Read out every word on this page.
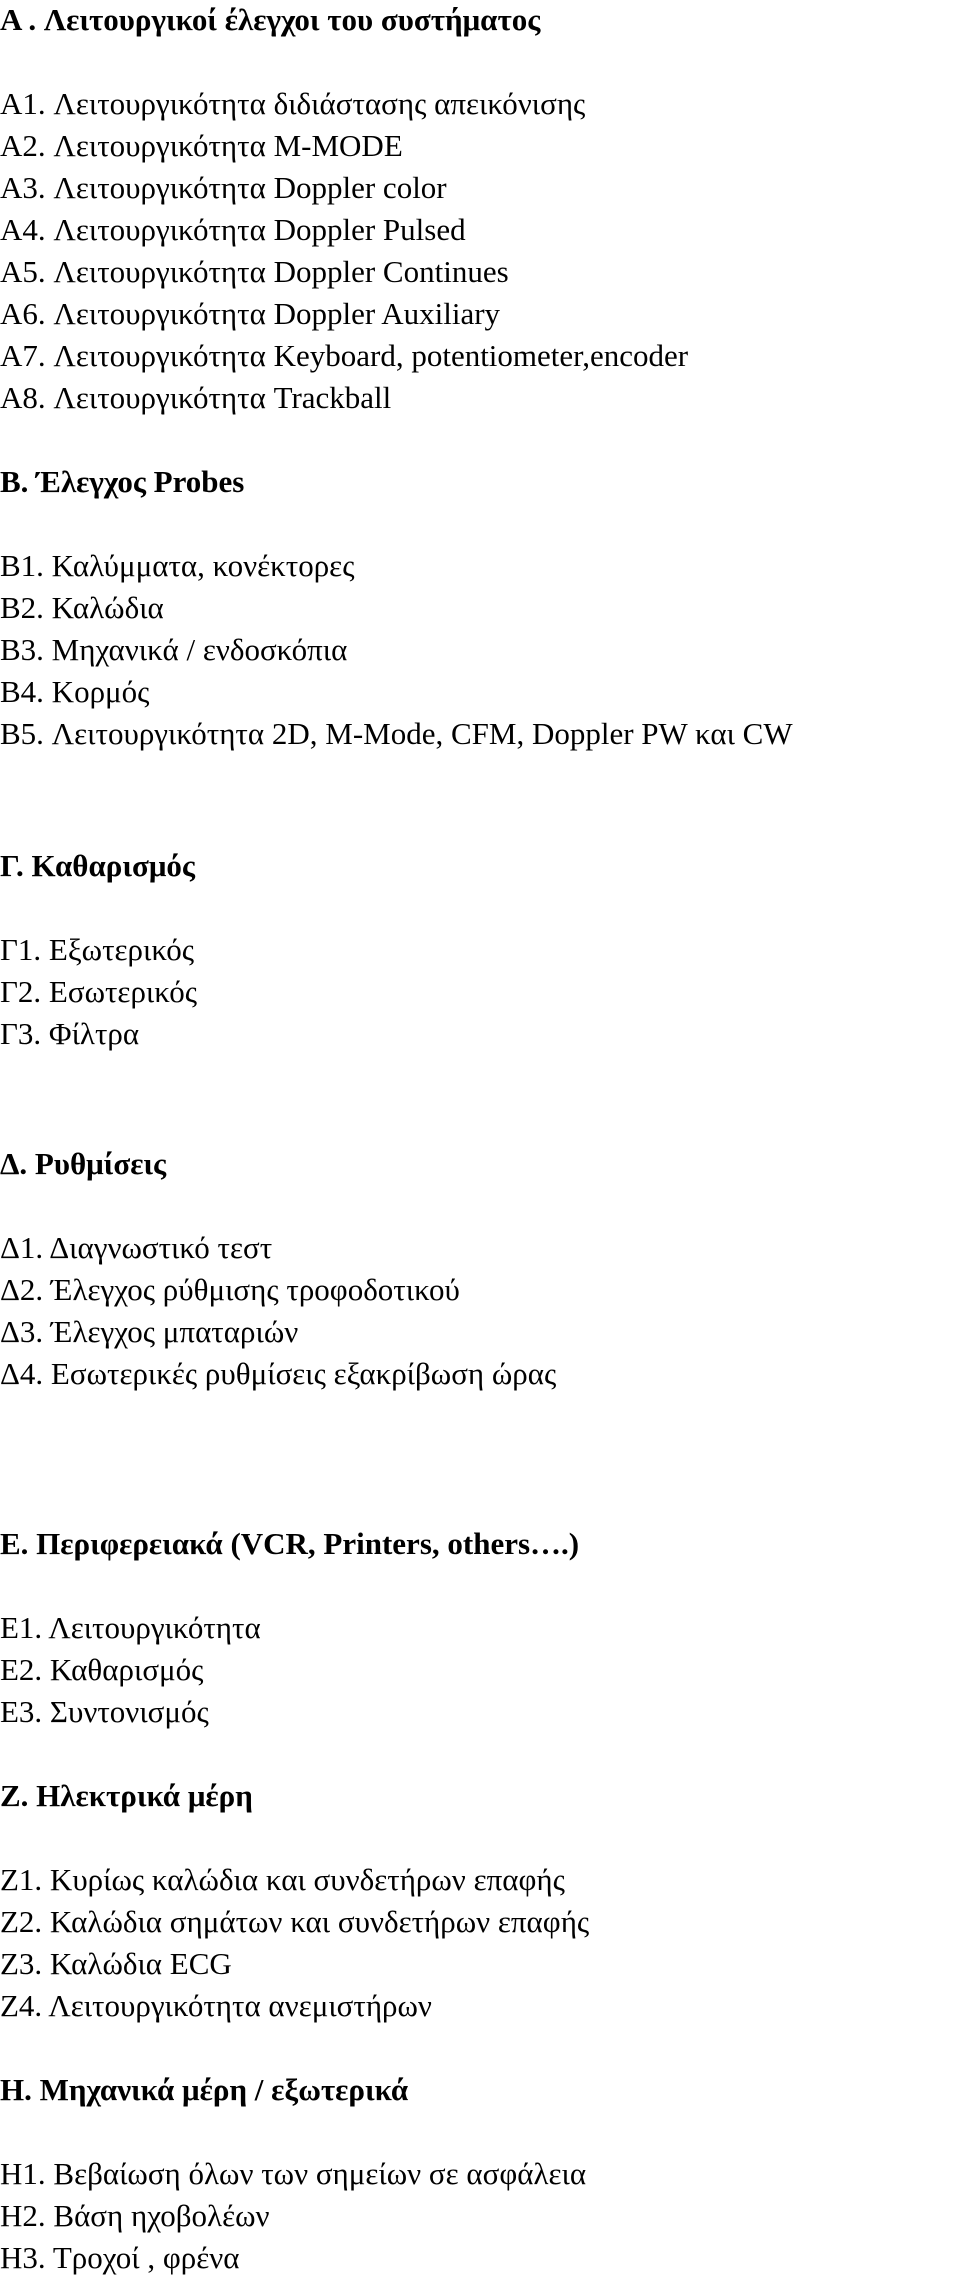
A . Λειτουργικοί έλεγχοι του συστήματος
A1. Λειτουργικότητα διδιάστασης απεικόνισης
A2. Λειτουργικότητα M-MODE
A3. Λειτουργικότητα Doppler color
A4. Λειτουργικότητα Doppler Pulsed
A5. Λειτουργικότητα Doppler Continues
A6. Λειτουργικότητα Doppler Auxiliary
A7. Λειτουργικότητα Keyboard, potentiometer,encoder
A8. Λειτουργικότητα Trackball
B. Έλεγχος Probes
B1. Καλύμματα, κονέκτορες
B2. Καλώδια
B3. Μηχανικά / ενδοσκόπια
B4. Κορμός
B5. Λειτουργικότητα 2D, M-Mode, CFM, Doppler PW και CW
Γ. Καθαρισμός
Γ1. Εξωτερικός
Γ2. Εσωτερικός
Γ3. Φίλτρα
Δ. Ρυθμίσεις
Δ1. Διαγνωστικό τεστ
Δ2. Έλεγχος ρύθμισης τροφοδοτικού
Δ3. Έλεγχος μπαταριών
Δ4. Εσωτερικές ρυθμίσεις εξακρίβωση ώρας
Ε. Περιφερειακά (VCR, Printers, others….)
Ε1. Λειτουργικότητα
Ε2. Καθαρισμός
Ε3. Συντονισμός
Ζ. Ηλεκτρικά μέρη
Ζ1. Κυρίως καλώδια και συνδετήρων επαφής
Ζ2. Καλώδια σημάτων και συνδετήρων επαφής
Ζ3. Καλώδια ECG
Ζ4. Λειτουργικότητα ανεμιστήρων
Η. Μηχανικά μέρη / εξωτερικά
Η1. Βεβαίωση όλων των σημείων σε ασφάλεια
Η2. Βάση ηχοβολέων
Η3. Τροχοί , φρένα
